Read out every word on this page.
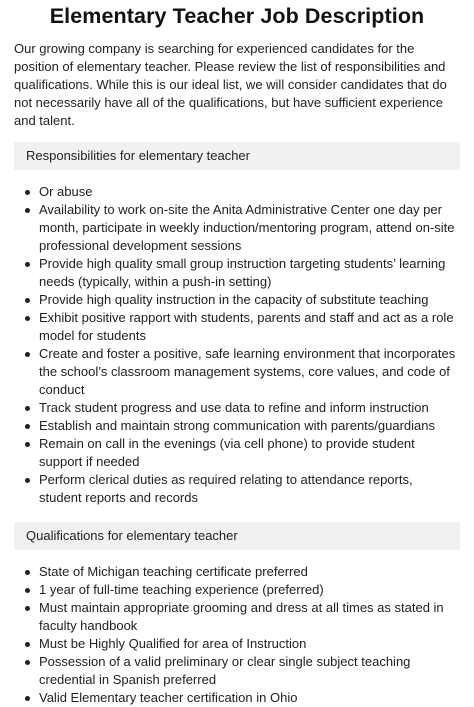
Elementary Teacher Job Description

Our growing company is searching for experienced candidates for the position of elementary teacher. Please review the list of responsibilities and qualifications. While this is our ideal list, we will consider candidates that do not necessarily have all of the qualifications, but have sufficient experience and talent.

Responsibilities for elementary teacher
Or abuse
Availability to work on-site the Anita Administrative Center one day per month, participate in weekly induction/mentoring program, attend on-site professional development sessions
Provide high quality small group instruction targeting students’ learning needs (typically, within a push-in setting)
Provide high quality instruction in the capacity of substitute teaching
Exhibit positive rapport with students, parents and staff and act as a role model for students
Create and foster a positive, safe learning environment that incorporates the school’s classroom management systems, core values, and code of conduct
Track student progress and use data to refine and inform instruction
Establish and maintain strong communication with parents/guardians
Remain on call in the evenings (via cell phone) to provide student support if needed
Perform clerical duties as required relating to attendance reports, student reports and records
Qualifications for elementary teacher
State of Michigan teaching certificate preferred
1 year of full-time teaching experience (preferred)
Must maintain appropriate grooming and dress at all times as stated in faculty handbook
Must be Highly Qualified for area of Instruction
Possession of a valid preliminary or clear single subject teaching credential in Spanish preferred
Valid Elementary teacher certification in Ohio
